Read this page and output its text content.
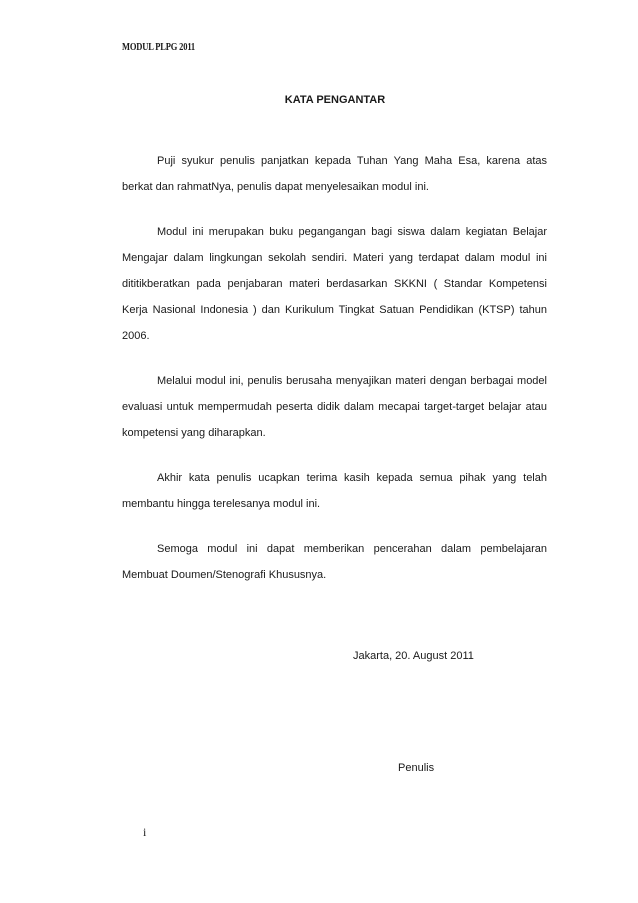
MODUL PLPG 2011
KATA PENGANTAR

Puji syukur penulis panjatkan kepada Tuhan Yang Maha Esa, karena atas berkat dan rahmatNya, penulis dapat menyelesaikan modul ini.

Modul ini merupakan buku pegangangan bagi siswa dalam kegiatan Belajar Mengajar dalam lingkungan sekolah sendiri. Materi yang terdapat dalam modul ini dititikberatkan pada penjabaran materi berdasarkan SKKNI ( Standar Kompetensi Kerja Nasional Indonesia ) dan Kurikulum Tingkat Satuan Pendidikan (KTSP) tahun 2006.

Melalui modul ini, penulis berusaha menyajikan materi dengan berbagai model evaluasi untuk mempermudah peserta didik dalam mecapai target-target belajar atau kompetensi yang diharapkan.

Akhir kata penulis ucapkan terima kasih kepada semua pihak yang telah membantu hingga terelesanya modul ini.

Semoga modul ini dapat memberikan pencerahan dalam pembelajaran Membuat Doumen/Stenografi Khususnya.

Jakarta, 20. August 2011
Penulis
i
